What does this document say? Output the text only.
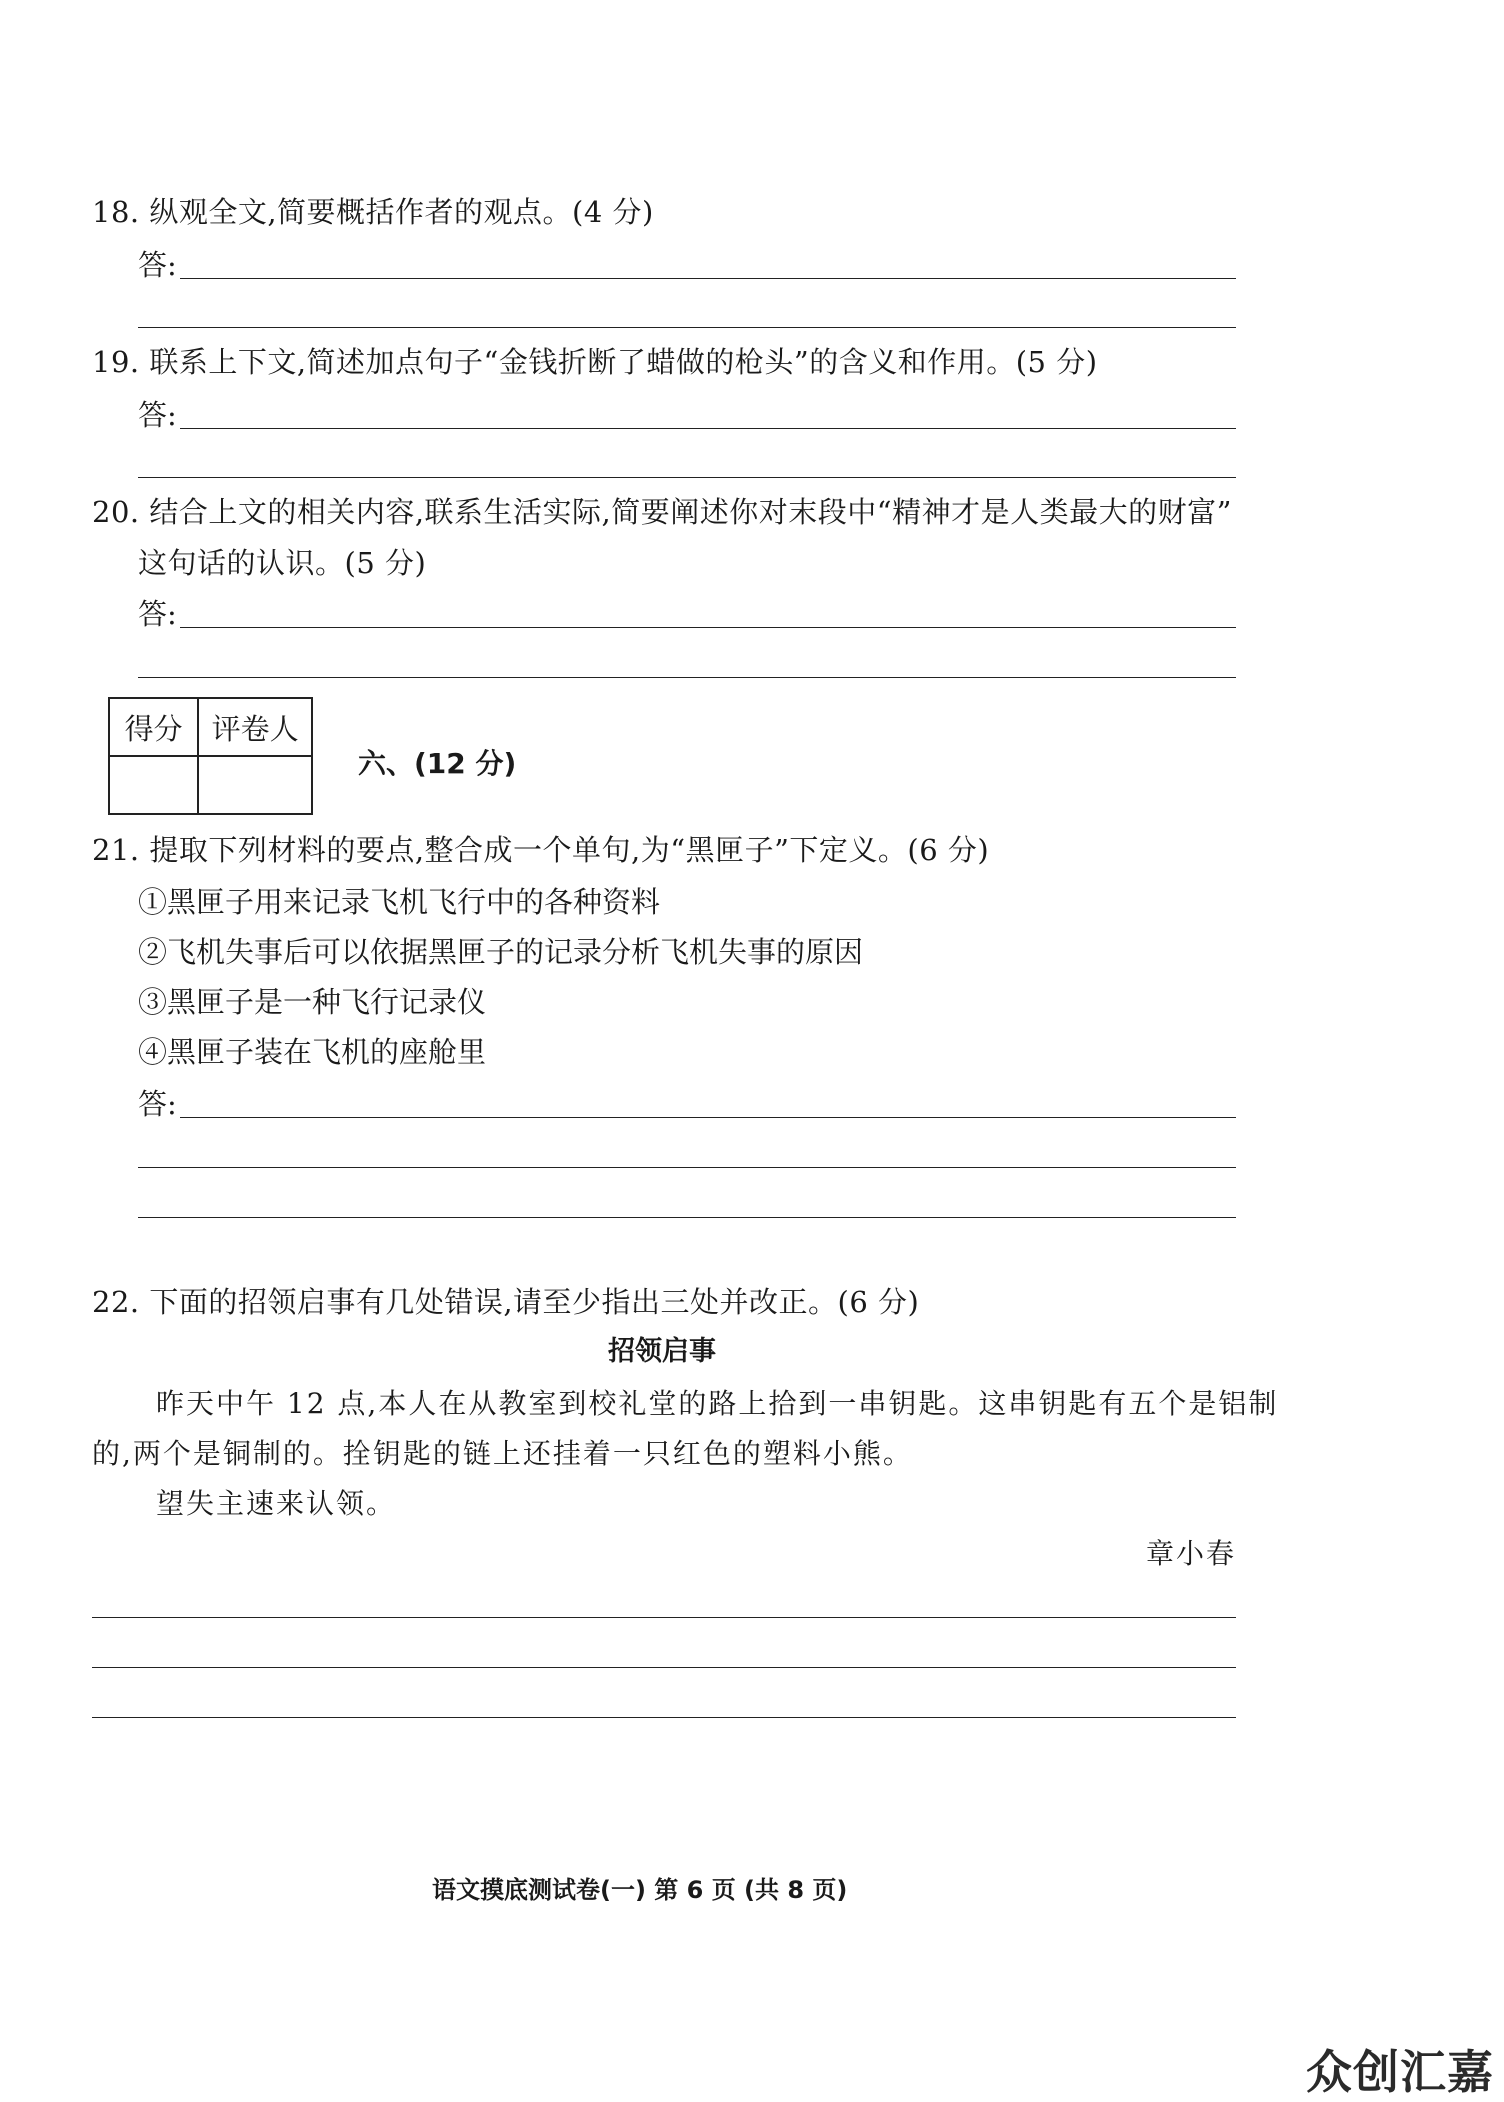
18. 纵观全文,简要概括作者的观点。(4 分)
答:
19. 联系上下文,简述加点句子“金钱折断了蜡做的枪头”的含义和作用。(5 分)
答:
20. 结合上文的相关内容,联系生活实际,简要阐述你对末段中“精神才是人类最大的财富”
这句话的认识。(5 分)
答:
得分	评卷人

六、(12 分)
21. 提取下列材料的要点,整合成一个单句,为“黑匣子”下定义。(6 分)
①黑匣子用来记录飞机飞行中的各种资料
②飞机失事后可以依据黑匣子的记录分析飞机失事的原因
③黑匣子是一种飞行记录仪
④黑匣子装在飞机的座舱里
答:
22. 下面的招领启事有几处错误,请至少指出三处并改正。(6 分)
招领启事
昨天中午 12 点,本人在从教室到校礼堂的路上拾到一串钥匙。这串钥匙有五个是铝制
的,两个是铜制的。拴钥匙的链上还挂着一只红色的塑料小熊。
望失主速来认领。
章小春
语文摸底测试卷(一) 第 6 页 (共 8 页)
众创汇嘉
